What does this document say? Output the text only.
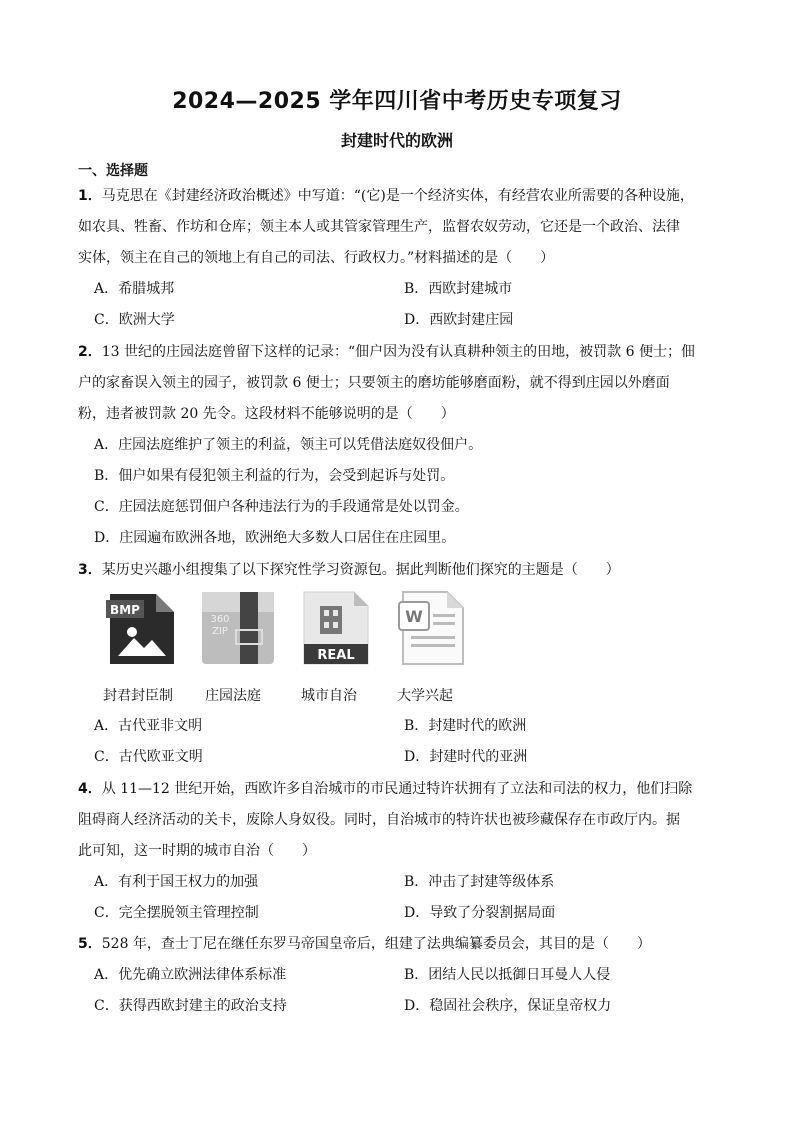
2024—2025 学年四川省中考历史专项复习
封建时代的欧洲
一、选择题
1．马克思在《封建经济政治概述》中写道：“(它)是一个经济实体，有经营农业所需要的各种设施，
如农具、牲畜、作坊和仓库；领主本人或其管家管理生产，监督农奴劳动，它还是一个政治、法律
实体，领主在自己的领地上有自己的司法、行政权力。”材料描述的是（　　）
A．希腊城邦	B．西欧封建城市
C．欧洲大学	D．西欧封建庄园
2．13 世纪的庄园法庭曾留下这样的记录：“佃户因为没有认真耕种领主的田地，被罚款 6 便士；佃
户的家畜误入领主的园子，被罚款 6 便士；只要领主的磨坊能够磨面粉，就不得到庄园以外磨面
粉，违者被罚款 20 先令。这段材料不能够说明的是（　　）
A．庄园法庭维护了领主的利益，领主可以凭借法庭奴役佃户。
B．佃户如果有侵犯领主利益的行为，会受到起诉与处罚。
C．庄园法庭惩罚佃户各种违法行为的手段通常是处以罚金。
D．庄园遍布欧洲各地，欧洲绝大多数人口居住在庄园里。
3．某历史兴趣小组搜集了以下探究性学习资源包。据此判断他们探究的主题是（　　）
BMP
360
ZIP
REAL
W
封君封臣制 庄园法庭	城市自治	大学兴起
A．古代亚非文明	B．封建时代的欧洲
C．古代欧亚文明	D．封建时代的亚洲
4．从 11—12 世纪开始，西欧许多自治城市的市民通过特许状拥有了立法和司法的权力，他们扫除
阻碍商人经济活动的关卡，废除人身奴役。同时，自治城市的特许状也被珍藏保存在市政厅内。据
此可知，这一时期的城市自治（　　）
A．有利于国王权力的加强	B．冲击了封建等级体系
C．完全摆脱领主管理控制	D．导致了分裂割据局面
5．528 年，查士丁尼在继任东罗马帝国皇帝后，组建了法典编纂委员会，其目的是（　　）
A．优先确立欧洲法律体系标准	B．团结人民以抵御日耳曼人人侵
C．获得西欧封建主的政治支持	D．稳固社会秩序，保证皇帝权力
